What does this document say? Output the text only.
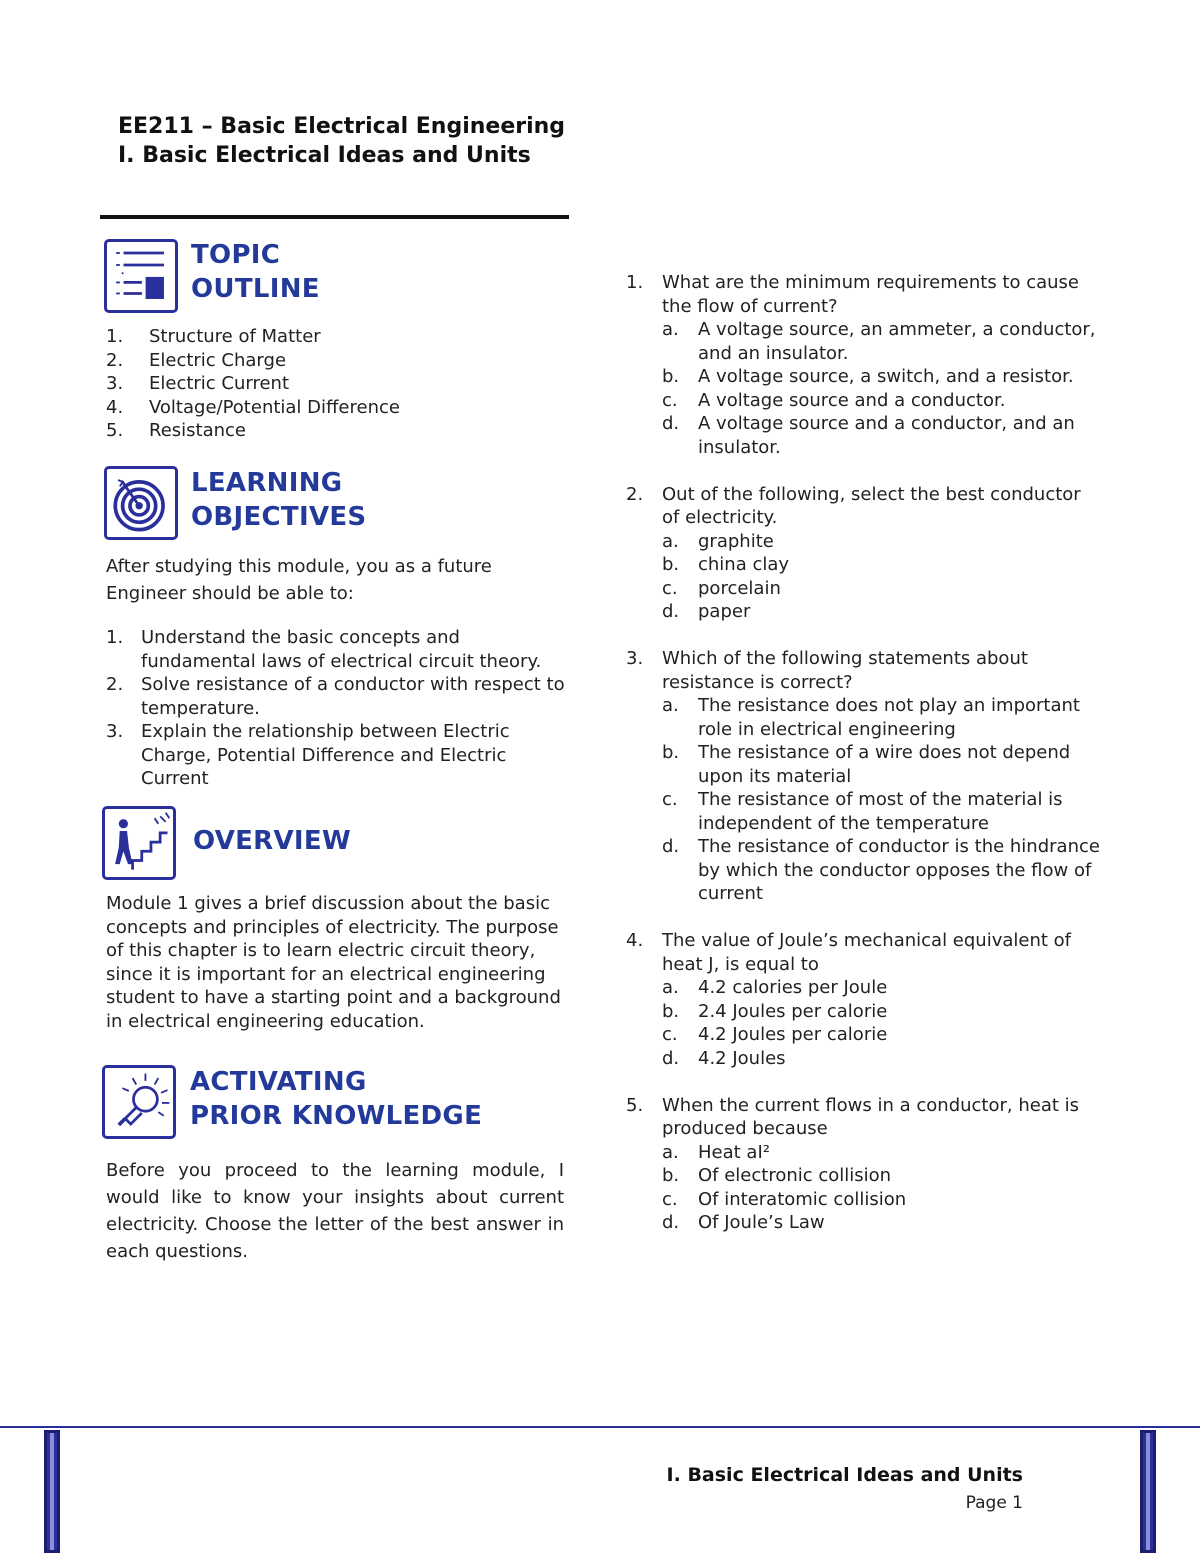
EE211 – Basic Electrical Engineering
I. Basic Electrical Ideas and Units
TOPIC
OUTLINE
1.	Structure of Matter
2.	Electric Charge
3.	Electric Current
4.	Voltage/Potential Difference
5.	Resistance
LEARNING
OBJECTIVES
After studying this module, you as a future Engineer should be able to:
1. Understand the basic concepts and fundamental laws of electrical circuit theory.
2. Solve resistance of a conductor with respect to temperature.
3. Explain the relationship between Electric Charge, Potential Difference and Electric Current
OVERVIEW
Module 1 gives a brief discussion about the basic concepts and principles of electricity. The purpose of this chapter is to learn electric circuit theory, since it is important for an electrical engineering student to have a starting point and a background in electrical engineering education.
ACTIVATING
PRIOR KNOWLEDGE
Before you proceed to the learning module, I would like to know your insights about current electricity. Choose the letter of the best answer in each questions.
1.	What are the minimum requirements to cause the flow of current?
a.	A voltage source, an ammeter, a conductor, and an insulator.
b.	A voltage source, a switch, and a resistor.
c.	A voltage source and a conductor.
d.	A voltage source and a conductor, and an insulator.
2.	Out of the following, select the best conductor of electricity.
a.	graphite
b.	china clay
c.	porcelain
d.	paper
3.	Which of the following statements about resistance is correct?
a.	The resistance does not play an important role in electrical engineering
b.	The resistance of a wire does not depend upon its material
c.	The resistance of most of the material is independent of the temperature
d.	The resistance of conductor is the hindrance by which the conductor opposes the flow of current
4.	The value of Joule’s mechanical equivalent of heat J, is equal to
a.	4.2 calories per Joule
b.	2.4 Joules per calorie
c.	4.2 Joules per calorie
d.	4.2 Joules
5.	When the current flows in a conductor, heat is produced because
a.	Heat aI²
b.	Of electronic collision
c.	Of interatomic collision
d.	Of Joule’s Law
I. Basic Electrical Ideas and Units
Page 1
